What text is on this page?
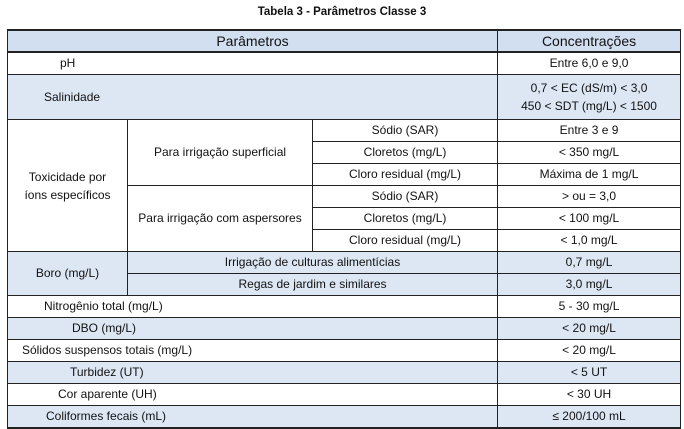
Tabela 3 - Parâmetros Classe 3
Parâmetros			Concentrações
pH			Entre 6,0 e 9,0
Salinidade			0,7 < EC (dS/m) < 3,0
450 < SDT (mg/L) < 1500

Toxicidade por
íons específicos	Para irrigação superficial	Sódio (SAR)	Entre 3 e 9
		Cloretos (mg/L)	< 350 mg/L
		Cloro residual (mg/L)	Máxima de 1 mg/L
	Para irrigação com aspersores	Sódio (SAR)	> ou = 3,0
		Cloretos (mg/L)	< 100 mg/L
		Cloro residual (mg/L)	< 1,0 mg/L
Boro (mg/L)	Irrigação de culturas alimentícias		0,7 mg/L
	Regas de jardim e similares		3,0 mg/L
Nitrogênio total (mg/L)			5 - 30 mg/L
DBO (mg/L)			< 20 mg/L
Sólidos suspensos totais (mg/L)			< 20 mg/L
Turbidez (UT)			< 5 UT
Cor aparente (UH)			< 30 UH
Coliformes fecais (mL)			≤ 200/100 mL
